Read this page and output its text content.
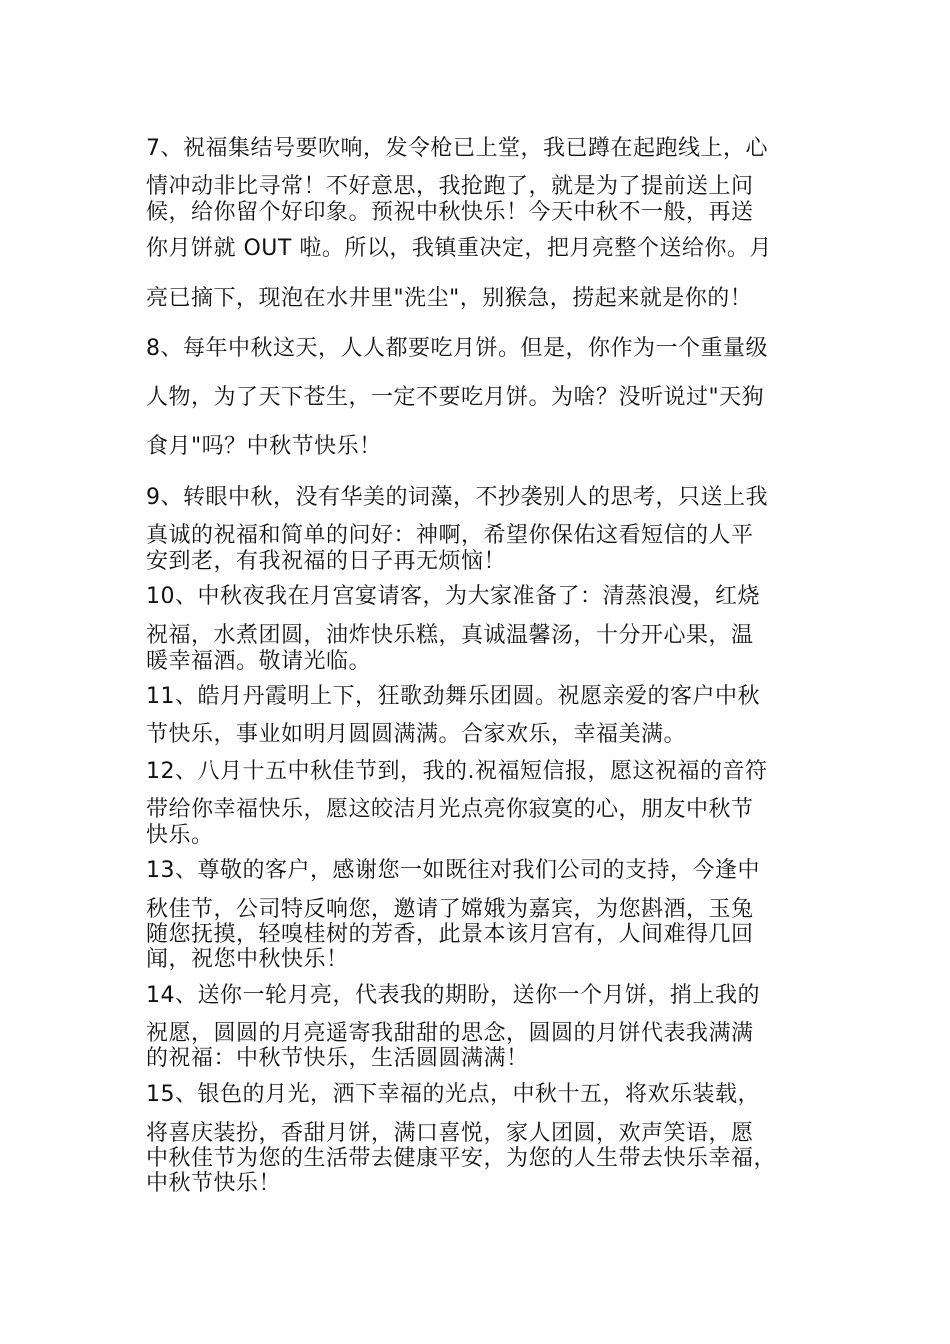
7、祝福集结号要吹响，发令枪已上堂，我已蹲在起跑线上，心

情冲动非比寻常！不好意思，我抢跑了，就是为了提前送上问

候，给你留个好印象。预祝中秋快乐！今天中秋不一般，再送

你月饼就 OUT 啦。所以，我镇重决定，把月亮整个送给你。月

亮已摘下，现泡在水井里"洗尘"，别猴急，捞起来就是你的！

8、每年中秋这天，人人都要吃月饼。但是，你作为一个重量级

人物，为了天下苍生，一定不要吃月饼。为啥？没听说过"天狗

食月"吗？中秋节快乐！

9、转眼中秋，没有华美的词藻，不抄袭别人的思考，只送上我

真诚的祝福和简单的问好：神啊，希望你保佑这看短信的人平

安到老，有我祝福的日子再无烦恼！

10、中秋夜我在月宫宴请客，为大家准备了：清蒸浪漫，红烧

祝福，水煮团圆，油炸快乐糕，真诚温馨汤，十分开心果，温

暖幸福酒。敬请光临。

11、皓月丹霞明上下，狂歌劲舞乐团圆。祝愿亲爱的客户中秋

节快乐，事业如明月圆圆满满。合家欢乐，幸福美满。

12、八月十五中秋佳节到，我的.祝福短信报，愿这祝福的音符

带给你幸福快乐，愿这皎洁月光点亮你寂寞的心，朋友中秋节

快乐。

13、尊敬的客户，感谢您一如既往对我们公司的支持，今逢中

秋佳节，公司特反响您，邀请了嫦娥为嘉宾，为您斟酒，玉兔

随您抚摸，轻嗅桂树的芳香，此景本该月宫有，人间难得几回

闻，祝您中秋快乐！

14、送你一轮月亮，代表我的期盼，送你一个月饼，捎上我的

祝愿，圆圆的月亮遥寄我甜甜的思念，圆圆的月饼代表我满满

的祝福：中秋节快乐，生活圆圆满满！

15、银色的月光，洒下幸福的光点，中秋十五，将欢乐装载，

将喜庆装扮，香甜月饼，满口喜悦，家人团圆，欢声笑语，愿

中秋佳节为您的生活带去健康平安，为您的人生带去快乐幸福，

中秋节快乐！
